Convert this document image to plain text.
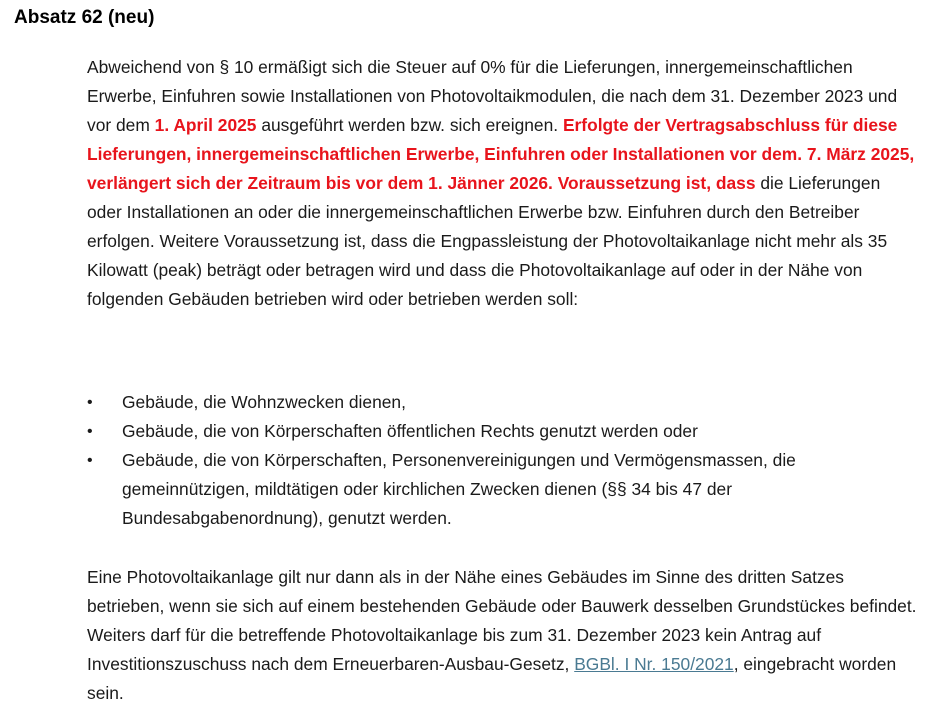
Absatz 62 (neu)

Abweichend von § 10 ermäßigt sich die Steuer auf 0% für die Lieferungen, innergemeinschaftlichen Erwerbe, Einfuhren sowie Installationen von Photovoltaikmodulen, die nach dem 31. Dezember 2023 und vor dem 1. April 2025 ausgeführt werden bzw. sich ereignen. Erfolgte der Vertragsabschluss für diese Lieferungen, innergemeinschaftlichen Erwerbe, Einfuhren oder Installationen vor dem. 7. März 2025, verlängert sich der Zeitraum bis vor dem 1. Jänner 2026. Voraussetzung ist, dass die Lieferungen oder Installationen an oder die innergemeinschaftlichen Erwerbe bzw. Einfuhren durch den Betreiber erfolgen. Weitere Voraussetzung ist, dass die Engpassleistung der Photovoltaikanlage nicht mehr als 35 Kilowatt (peak) beträgt oder betragen wird und dass die Photovoltaikanlage auf oder in der Nähe von folgenden Gebäuden betrieben wird oder betrieben werden soll:

• Gebäude, die Wohnzwecken dienen,
• Gebäude, die von Körperschaften öffentlichen Rechts genutzt werden oder
• Gebäude, die von Körperschaften, Personenvereinigungen und Vermögensmassen, die gemeinnützigen, mildtätigen oder kirchlichen Zwecken dienen (§§ 34 bis 47 der Bundesabgabenordnung), genutzt werden.

Eine Photovoltaikanlage gilt nur dann als in der Nähe eines Gebäudes im Sinne des dritten Satzes betrieben, wenn sie sich auf einem bestehenden Gebäude oder Bauwerk desselben Grundstückes befindet. Weiters darf für die betreffende Photovoltaikanlage bis zum 31. Dezember 2023 kein Antrag auf Investitionszuschuss nach dem Erneuerbaren-Ausbau-Gesetz, BGBl. I Nr. 150/2021, eingebracht worden sein.
